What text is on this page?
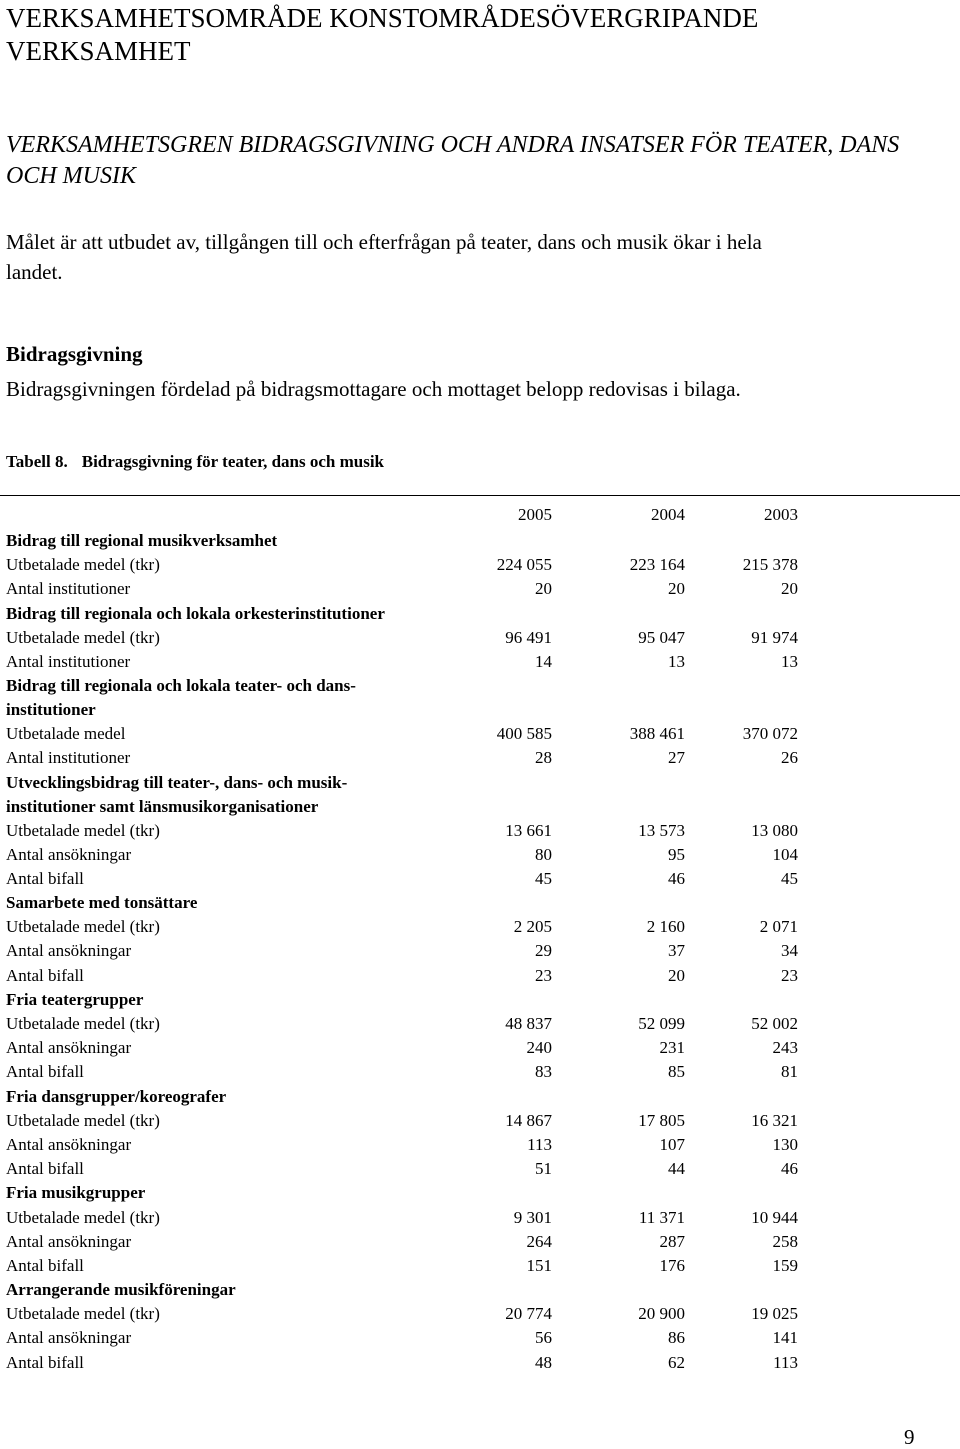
VERKSAMHETSOMRÅDE KONSTOMRÅDESÖVERGRIPANDE
VERKSAMHET
VERKSAMHETSGREN BIDRAGSGIVNING OCH ANDRA INSATSER FÖR TEATER, DANS
OCH MUSIK

Målet är att utbudet av, tillgången till och efterfrågan på teater, dans och musik ökar i hela
landet.

Bidragsgivning

Bidragsgivningen fördelad på bidragsmottagare och mottaget belopp redovisas i bilaga.

Tabell 8. Bidragsgivning för teater, dans och musik

2005	2004	2003
Bidrag till regional musikverksamhet
Utbetalade medel (tkr)	224 055	223 164	215 378
Antal institutioner	20	20	20
Bidrag till regionala och lokala orkesterinstitutioner
Utbetalade medel (tkr)	96 491	95 047	91 974
Antal institutioner	14	13	13
Bidrag till regionala och lokala teater- och dans-
institutioner
Utbetalade medel	400 585	388 461	370 072
Antal institutioner	28	27	26
Utvecklingsbidrag till teater-, dans- och musik-
institutioner samt länsmusikorganisationer
Utbetalade medel (tkr)	13 661	13 573	13 080
Antal ansökningar	80	95	104
Antal bifall	45	46	45
Samarbete med tonsättare
Utbetalade medel (tkr)	2 205	2 160	2 071
Antal ansökningar	29	37	34
Antal bifall	23	20	23
Fria teatergrupper
Utbetalade medel (tkr)	48 837	52 099	52 002
Antal ansökningar	240	231	243
Antal bifall	83	85	81
Fria dansgrupper/koreografer
Utbetalade medel (tkr)	14 867	17 805	16 321
Antal ansökningar	113	107	130
Antal bifall	51	44	46
Fria musikgrupper
Utbetalade medel (tkr)	9 301	11 371	10 944
Antal ansökningar	264	287	258
Antal bifall	151	176	159
Arrangerande musikföreningar
Utbetalade medel (tkr)	20 774	20 900	19 025
Antal ansökningar	56	86	141
Antal bifall	48	62	113
9
